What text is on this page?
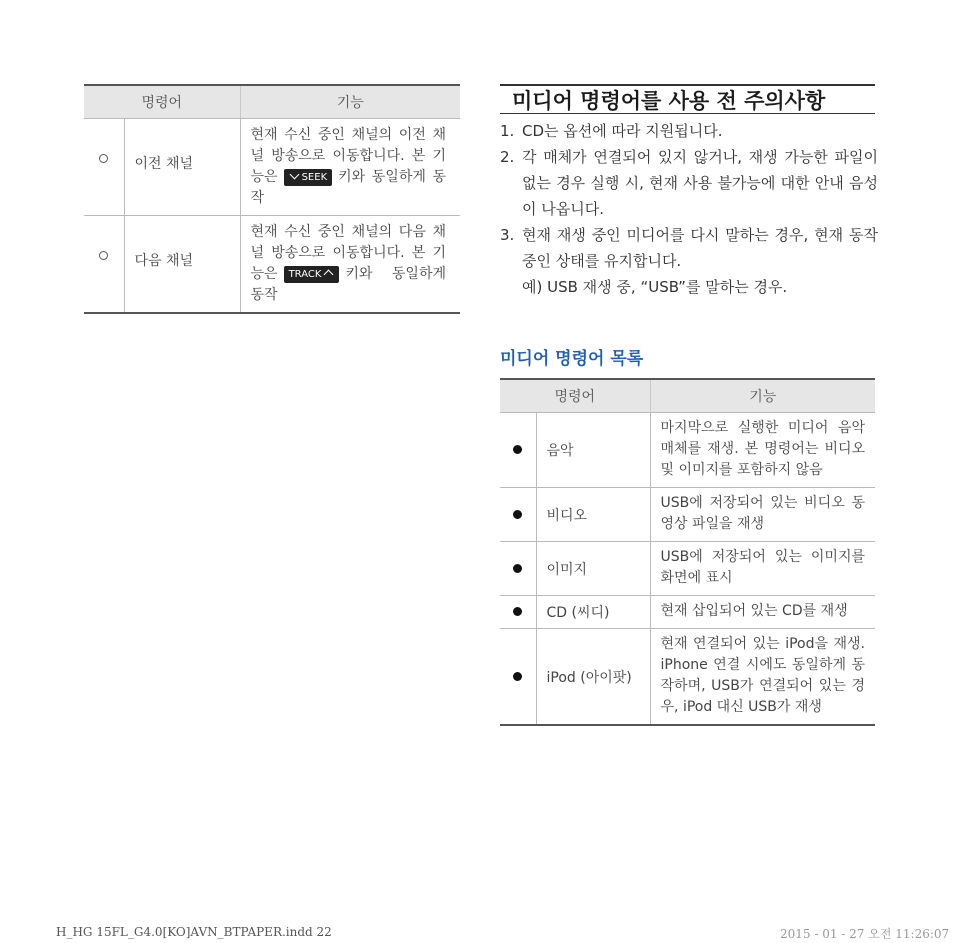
명령어		기능
	이전 채널	현재 수신 중인 채널의 이전 채널 방송으로 이동합니다. 본 기능은 SEEK 키와 동일하게 동작
	다음 채널	현재 수신 중인 채널의 다음 채널 방송으로 이동합니다. 본 기능은 TRACK 키와 동일하게 동작
미디어 명령어를 사용 전 주의사항
1. CD는 옵션에 따라 지원됩니다.
2. 각 매체가 연결되어 있지 않거나, 재생 가능한 파일이 없는 경우 실행 시, 현재 사용 불가능에 대한 안내 음성이 나옵니다.
3. 현재 재생 중인 미디어를 다시 말하는 경우, 현재 동작 중인 상태를 유지합니다.
예) USB 재생 중, “USB”를 말하는 경우.
미디어 명령어 목록
명령어		기능
	음악	마지막으로 실행한 미디어 음악 매체를 재생. 본 명령어는 비디오 및 이미지를 포함하지 않음
	비디오	USB에 저장되어 있는 비디오 동영상 파일을 재생
	이미지	USB에 저장되어 있는 이미지를 화면에 표시
	CD (씨디)	현재 삽입되어 있는 CD를 재생
	iPod (아이팟)	현재 연결되어 있는 iPod을 재생. iPhone 연결 시에도 동일하게 동작하며, USB가 연결되어 있는 경우, iPod 대신 USB가 재생
H_HG 15FL_G4.0[KO]AVN_BTPAPER.indd 22	2015 - 01 - 27 오전 11:26:07
